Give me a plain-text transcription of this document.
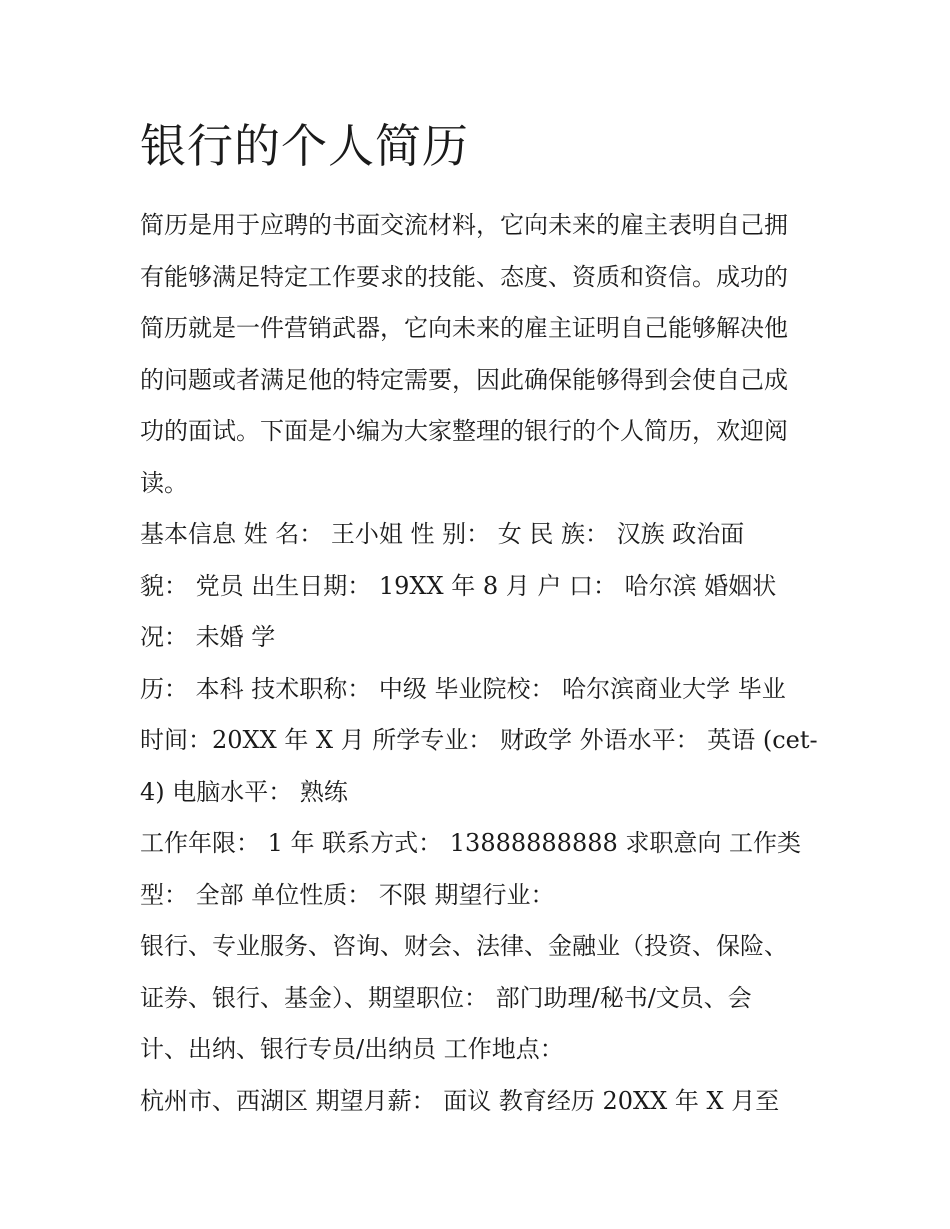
银行的个人简历

简历是用于应聘的书面交流材料，它向未来的雇主表明自己拥
有能够满足特定工作要求的技能、态度、资质和资信。成功的
简历就是一件营销武器，它向未来的雇主证明自己能够解决他
的问题或者满足他的特定需要，因此确保能够得到会使自己成
功的面试。下面是小编为大家整理的银行的个人简历，欢迎阅
读。

基本信息 姓 名： 王小姐 性 别： 女 民 族： 汉族 政治面
貌： 党员 出生日期： 19XX 年 8 月 户 口： 哈尔滨 婚姻状
况： 未婚 学

历： 本科 技术职称： 中级 毕业院校： 哈尔滨商业大学 毕业
时间：20XX 年 X 月 所学专业： 财政学 外语水平： 英语 (cet-
4) 电脑水平： 熟练

工作年限： 1 年 联系方式： 13888888888 求职意向 工作类
型： 全部 单位性质： 不限 期望行业：

银行、专业服务、咨询、财会、法律、金融业（投资、保险、
证券、银行、基金）、期望职位： 部门助理/秘书/文员、会
计、出纳、银行专员/出纳员 工作地点：

杭州市、西湖区 期望月薪： 面议 教育经历 20XX 年 X 月至
